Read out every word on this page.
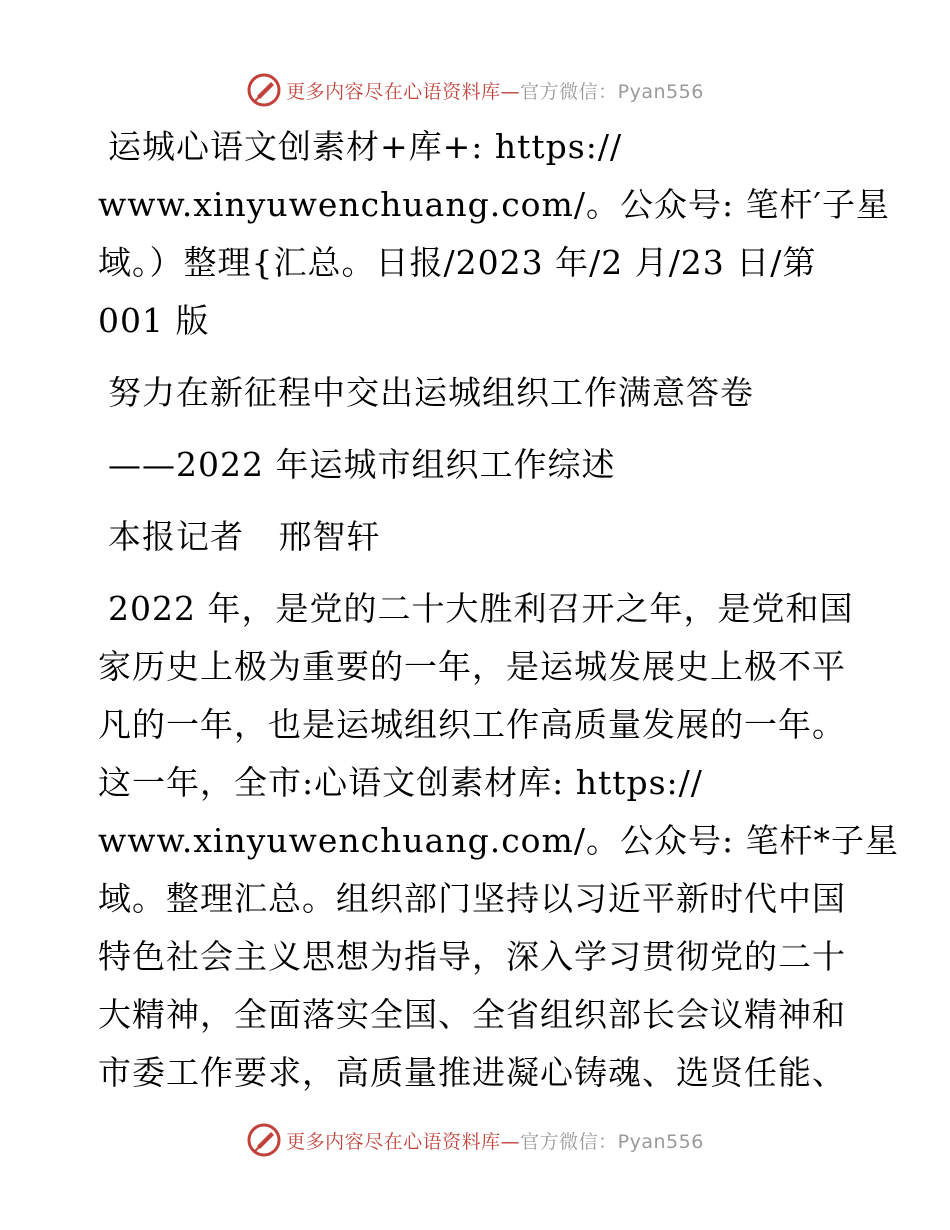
更多内容尽在心语资料库—官方微信：Pyan556
运城心语文创素材+库+: https://
www.xinyuwenchuang.com/。公众号: 笔杆′子星
域。）整理{汇总。日报/2023 年/2 月/23 日/第
001 版
努力在新征程中交出运城组织工作满意答卷
——2022 年运城市组织工作综述
本报记者   邢智轩
2022 年，是党的二十大胜利召开之年，是党和国
家历史上极为重要的一年，是运城发展史上极不平
凡的一年，也是运城组织工作高质量发展的一年。
这一年，全市:心语文创素材库: https://
www.xinyuwenchuang.com/。公众号: 笔杆*子星
域。整理汇总。组织部门坚持以习近平新时代中国
特色社会主义思想为指导，深入学习贯彻党的二十
大精神，全面落实全国、全省组织部长会议精神和
市委工作要求，高质量推进凝心铸魂、选贤任能、
更多内容尽在心语资料库—官方微信：Pyan556
